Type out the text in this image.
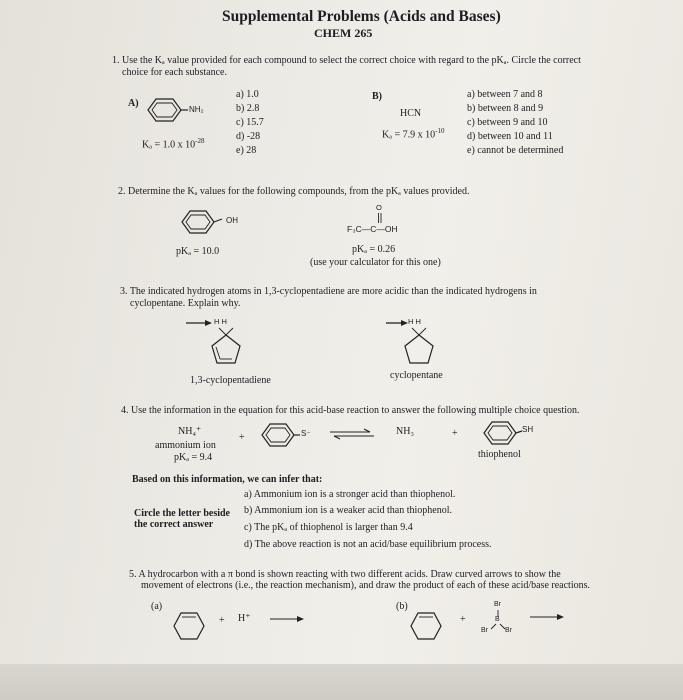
Supplemental Problems (Acids and Bases)
CHEM 265
1. Use the Kₐ value provided for each compound to select the correct choice with regard to the pKₐ. Circle the correct
choice for each substance.
A)
NH₂
Kₐ = 1.0 x $10^{-28}$
a) 1.0
b) 2.8
c) 15.7
d) -28
e) 28
B)
HCN
Kₐ = 7.9 x $10^{-10}$
a) between 7 and 8
b) between 8 and 9
c) between 9 and 10
d) between 10 and 11
e) cannot be determined
2. Determine the Kₐ values for the following compounds, from the pKₐ values provided.
OH
pKₐ = 10.0
O
F₃C—C—OH
pKₐ = 0.26
(use your calculator for this one)
3. The indicated hydrogen atoms in 1,3-cyclopentadiene are more acidic than the indicated hydrogens in
cyclopentane. Explain why.
H H
1,3-cyclopentadiene
H H
cyclopentane
4. Use the information in the equation for this acid-base reaction to answer the following multiple choice question.
NH₄⁺
ammonium ion
pKₐ = 9.4
+	S⁻	NH₃	+	SH
thiophenol
Based on this information, we can infer that:
Circle the letter beside
the correct answer
a) Ammonium ion is a stronger acid than thiophenol.
b) Ammonium ion is a weaker acid than thiophenol.
c) The pKₐ of thiophenol is larger than 9.4
d) The above reaction is not an acid/base equilibrium process.
5. A hydrocarbon with a π bond is shown reacting with two different acids. Draw curved arrows to show the
movement of electrons (i.e., the reaction mechanism), and draw the product of each of these acid/base reactions.
(a)
+ H⁺
(b)
+
Br
B
Br Br
